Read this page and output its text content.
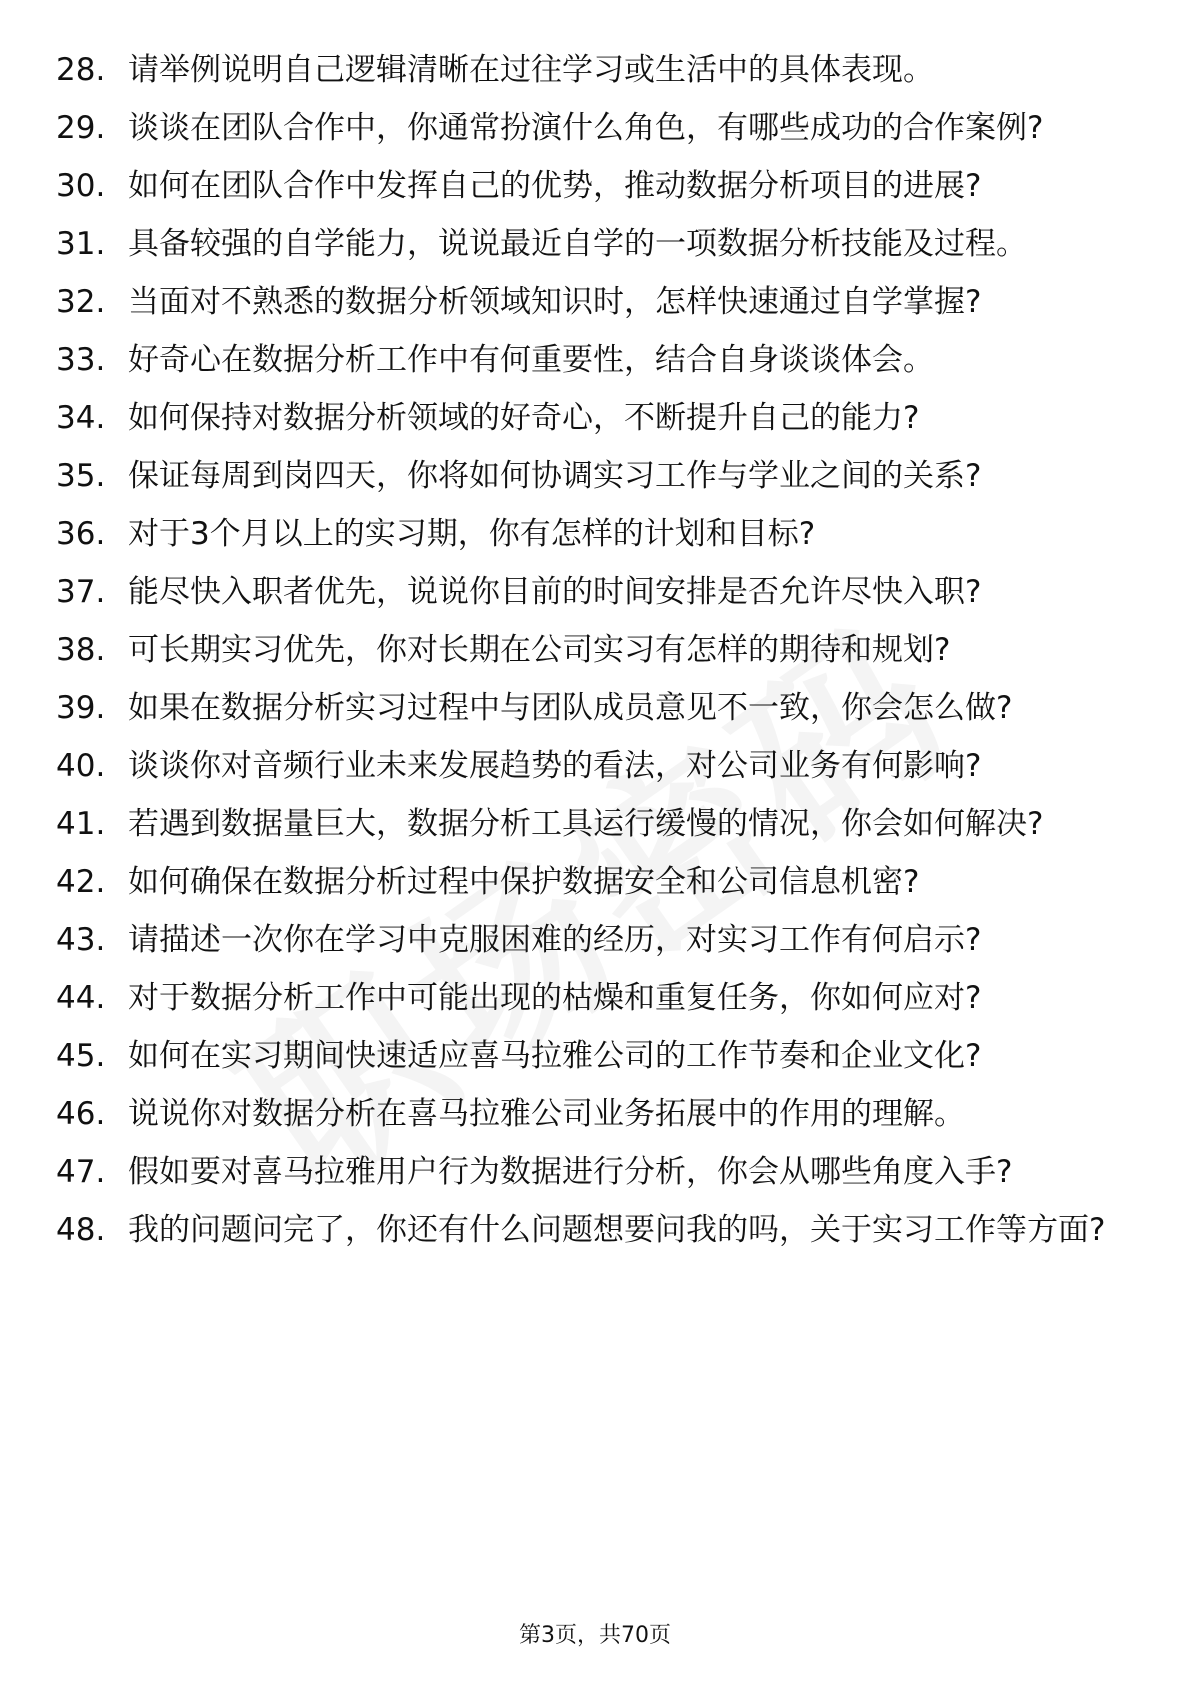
28. 请举例说明自己逻辑清晰在过往学习或生活中的具体表现。
29. 谈谈在团队合作中，你通常扮演什么角色，有哪些成功的合作案例?
30. 如何在团队合作中发挥自己的优势，推动数据分析项目的进展?
31. 具备较强的自学能力，说说最近自学的一项数据分析技能及过程。
32. 当面对不熟悉的数据分析领域知识时，怎样快速通过自学掌握?
33. 好奇心在数据分析工作中有何重要性，结合自身谈谈体会。
34. 如何保持对数据分析领域的好奇心，不断提升自己的能力?
35. 保证每周到岗四天，你将如何协调实习工作与学业之间的关系?
36. 对于3个月以上的实习期，你有怎样的计划和目标?
37. 能尽快入职者优先，说说你目前的时间安排是否允许尽快入职?
38. 可长期实习优先，你对长期在公司实习有怎样的期待和规划?
39. 如果在数据分析实习过程中与团队成员意见不一致，你会怎么做?
40. 谈谈你对音频行业未来发展趋势的看法，对公司业务有何影响?
41. 若遇到数据量巨大，数据分析工具运行缓慢的情况，你会如何解决?
42. 如何确保在数据分析过程中保护数据安全和公司信息机密?
43. 请描述一次你在学习中克服困难的经历，对实习工作有何启示?
44. 对于数据分析工作中可能出现的枯燥和重复任务，你如何应对?
45. 如何在实习期间快速适应喜马拉雅公司的工作节奏和企业文化?
46. 说说你对数据分析在喜马拉雅公司业务拓展中的作用的理解。
47. 假如要对喜马拉雅用户行为数据进行分析，你会从哪些角度入手?
48. 我的问题问完了，你还有什么问题想要问我的吗，关于实习工作等方面?
第3页，共70页
